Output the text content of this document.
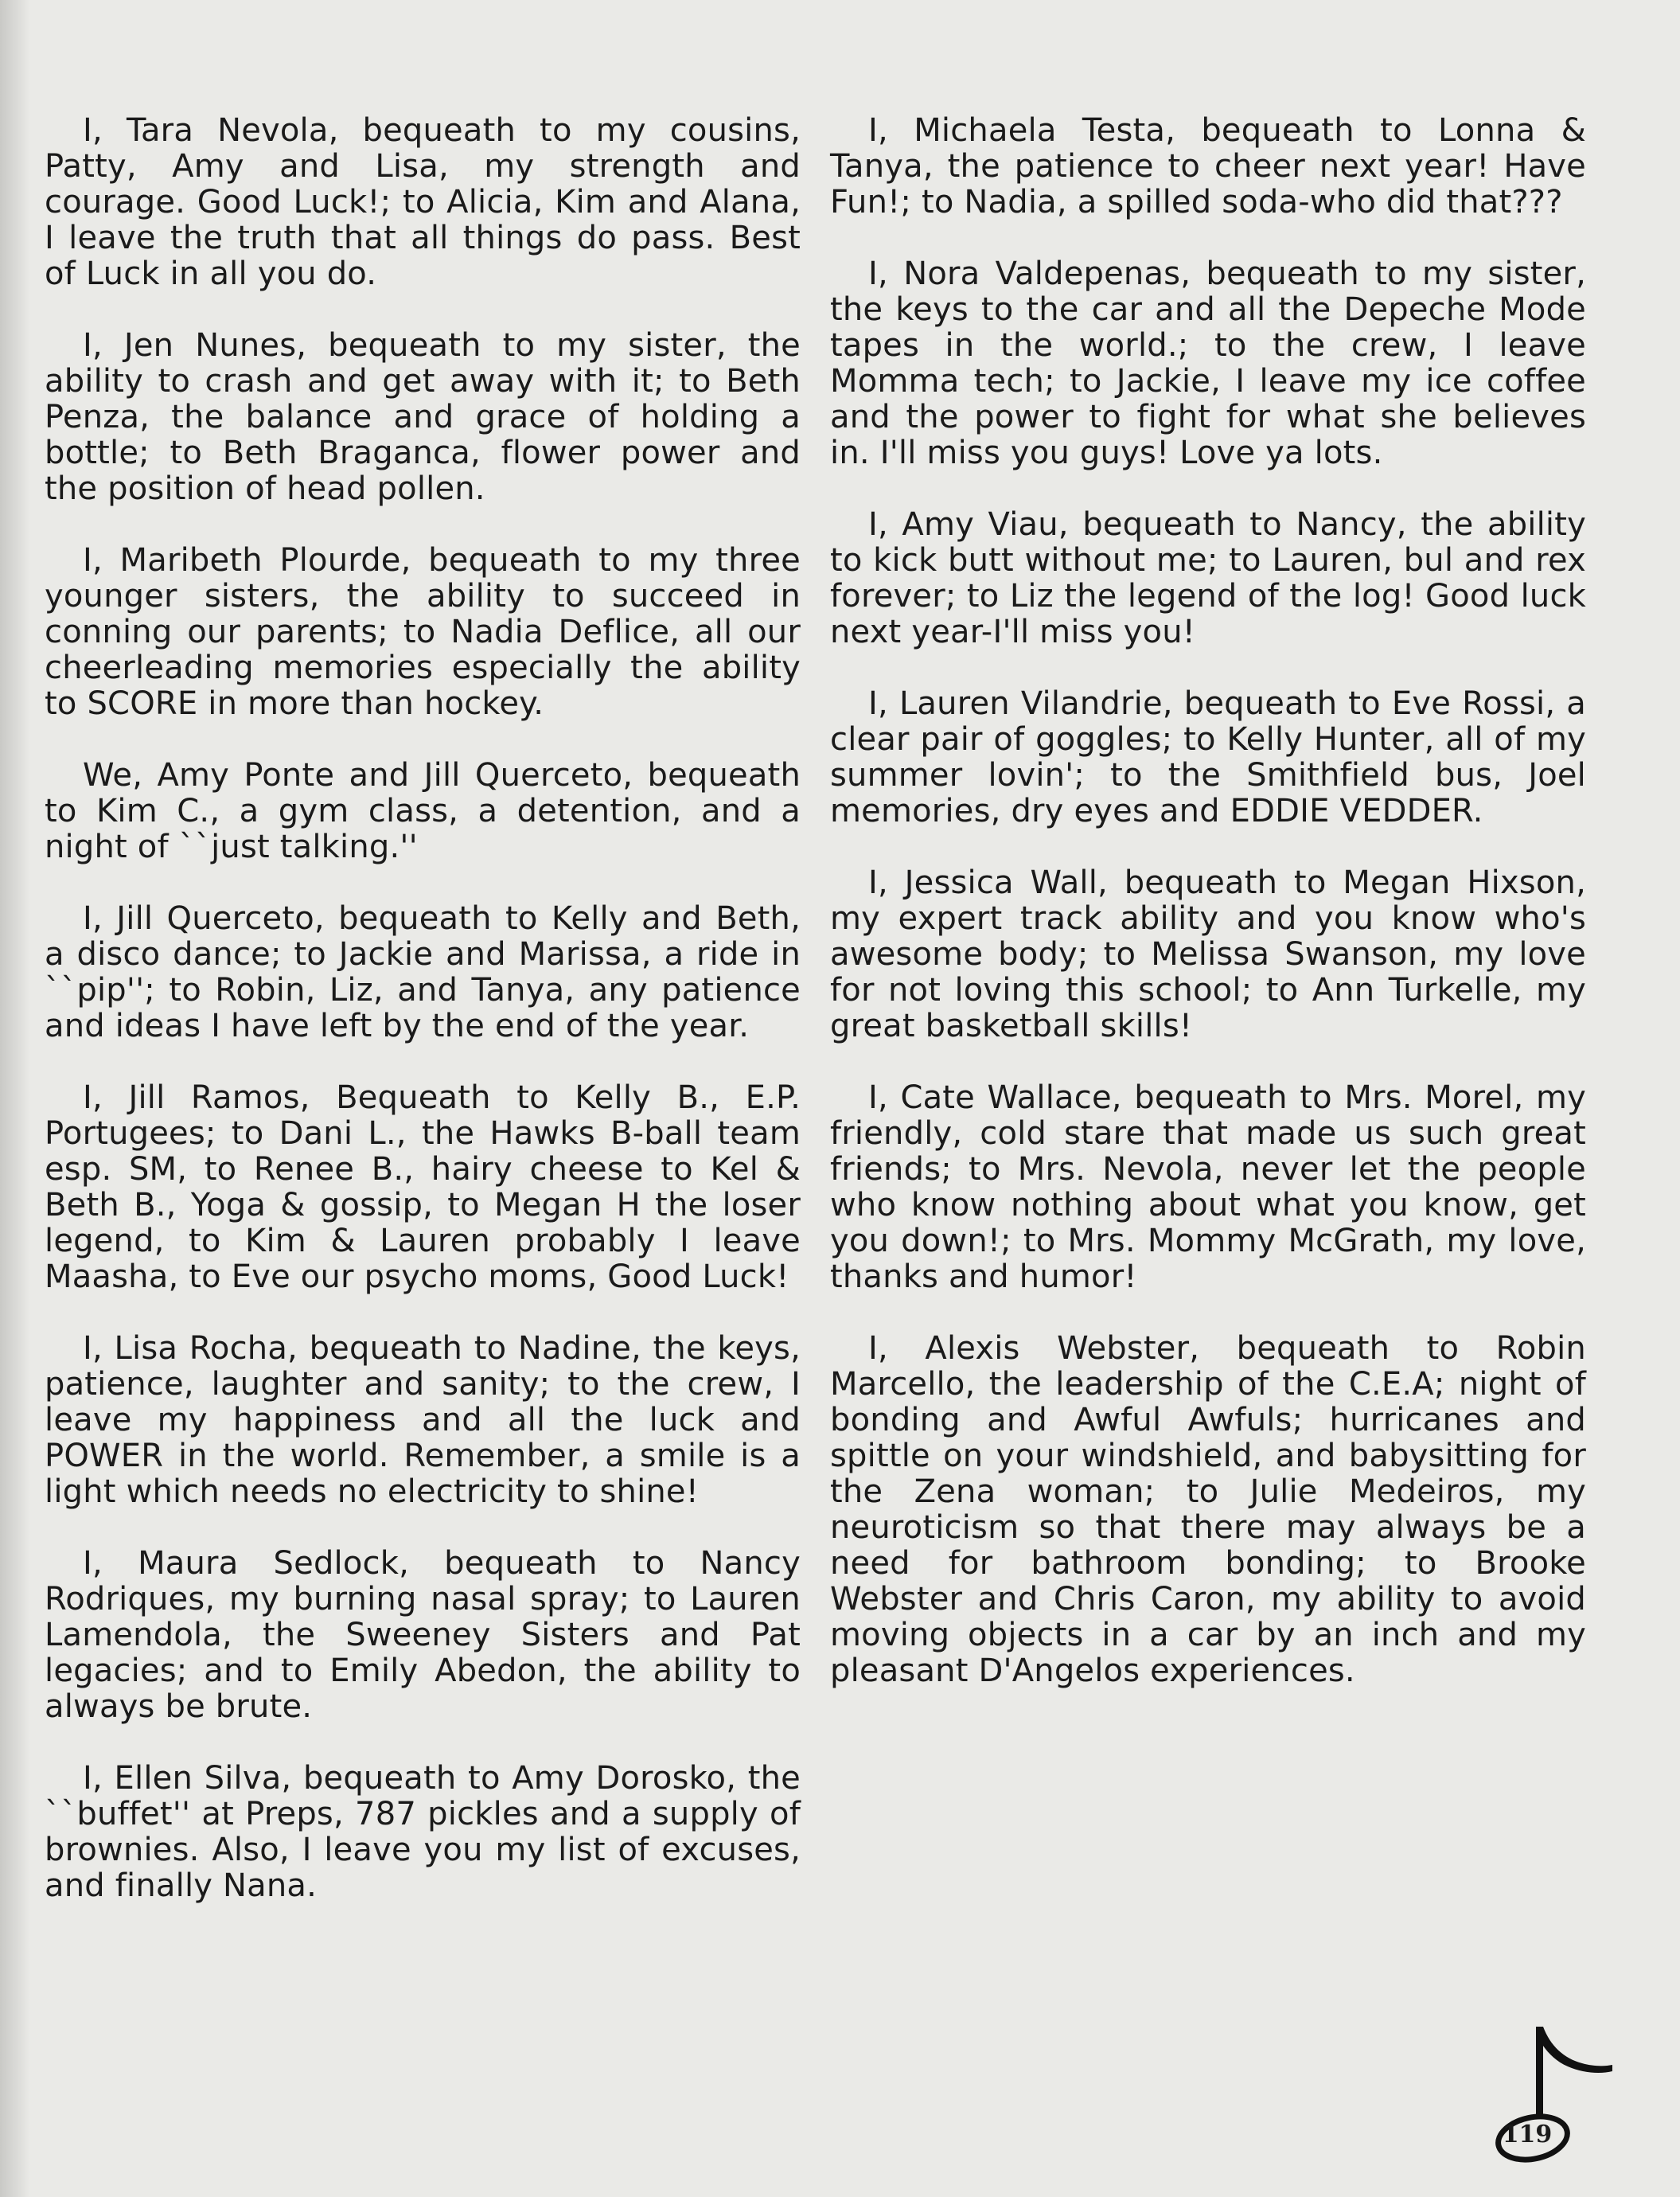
I, Tara Nevola, bequeath to my cousins, Patty, Amy and Lisa, my strength and courage. Good Luck!; to Alicia, Kim and Alana, I leave the truth that all things do pass. Best of Luck in all you do.

I, Jen Nunes, bequeath to my sister, the ability to crash and get away with it; to Beth Penza, the balance and grace of holding a bottle; to Beth Braganca, flower power and the position of head pollen.

I, Maribeth Plourde, bequeath to my three younger sisters, the ability to succeed in conning our parents; to Nadia Deflice, all our cheerleading memories especially the ability to SCORE in more than hockey.

We, Amy Ponte and Jill Querceto, bequeath to Kim C., a gym class, a detention, and a night of ``just talking.''

I, Jill Querceto, bequeath to Kelly and Beth, a disco dance; to Jackie and Marissa, a ride in ``pip''; to Robin, Liz, and Tanya, any patience and ideas I have left by the end of the year.

I, Jill Ramos, Bequeath to Kelly B., E.P. Portugees; to Dani L., the Hawks B-ball team esp. SM, to Renee B., hairy cheese to Kel & Beth B., Yoga & gossip, to Megan H the loser legend, to Kim & Lauren probably I leave Maasha, to Eve our psycho moms, Good Luck!

I, Lisa Rocha, bequeath to Nadine, the keys, patience, laughter and sanity; to the crew, I leave my happiness and all the luck and POWER in the world. Remember, a smile is a light which needs no electricity to shine!

I, Maura Sedlock, bequeath to Nancy Rodriques, my burning nasal spray; to Lauren Lamendola, the Sweeney Sisters and Pat legacies; and to Emily Abedon, the ability to always be brute.

I, Ellen Silva, bequeath to Amy Dorosko, the ``buffet'' at Preps, 787 pickles and a supply of brownies. Also, I leave you my list of excuses, and finally Nana.

I, Michaela Testa, bequeath to Lonna & Tanya, the patience to cheer next year! Have Fun!; to Nadia, a spilled soda-who did that???

I, Nora Valdepenas, bequeath to my sister, the keys to the car and all the Depeche Mode tapes in the world.; to the crew, I leave Momma tech; to Jackie, I leave my ice coffee and the power to fight for what she believes in. I'll miss you guys! Love ya lots.

I, Amy Viau, bequeath to Nancy, the ability to kick butt without me; to Lauren, bul and rex forever; to Liz the legend of the log! Good luck next year-I'll miss you!

I, Lauren Vilandrie, bequeath to Eve Rossi, a clear pair of goggles; to Kelly Hunter, all of my summer lovin'; to the Smithfield bus, Joel memories, dry eyes and EDDIE VEDDER.

I, Jessica Wall, bequeath to Megan Hixson, my expert track ability and you know who's awesome body; to Melissa Swanson, my love for not loving this school; to Ann Turkelle, my great basketball skills!

I, Cate Wallace, bequeath to Mrs. Morel, my friendly, cold stare that made us such great friends; to Mrs. Nevola, never let the people who know nothing about what you know, get you down!; to Mrs. Mommy McGrath, my love, thanks and humor!

I, Alexis Webster, bequeath to Robin Marcello, the leadership of the C.E.A; night of bonding and Awful Awfuls; hurricanes and spittle on your windshield, and babysitting for the Zena woman; to Julie Medeiros, my neuroticism so that there may always be a need for bathroom bonding; to Brooke Webster and Chris Caron, my ability to avoid moving objects in a car by an inch and my pleasant D'Angelos experiences.

119
